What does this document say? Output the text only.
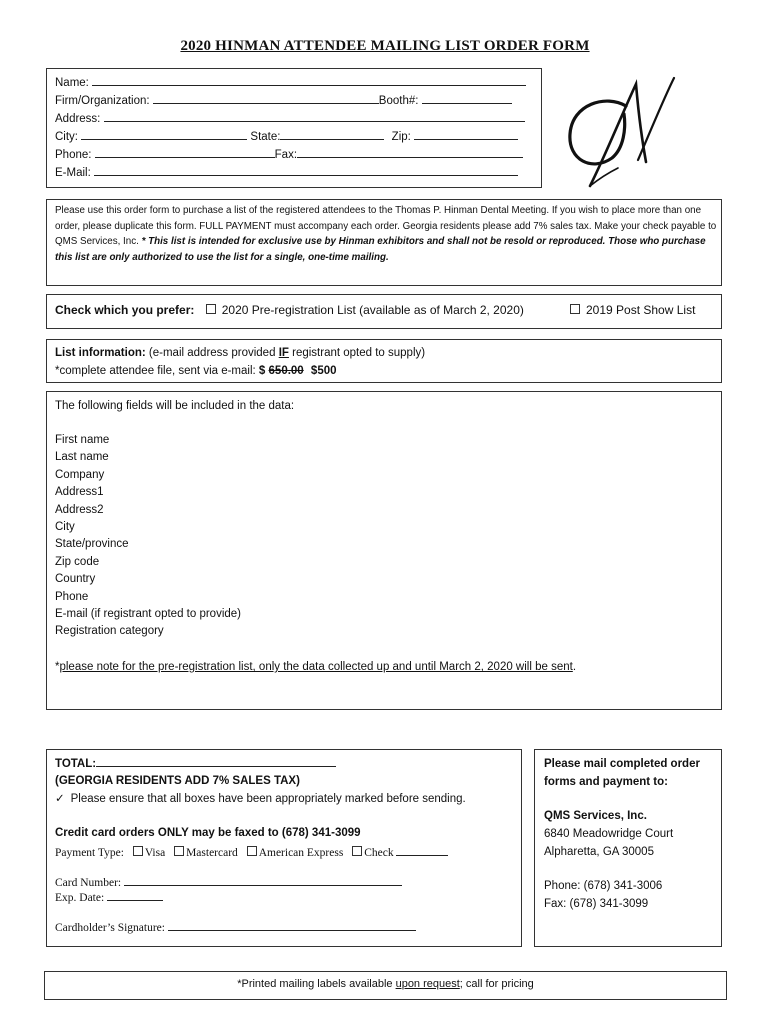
2020 HINMAN ATTENDEE MAILING LIST ORDER FORM
Name:
Firm/Organization:	Booth#:
Address:
City:	State:	Zip:
Phone:	Fax:
E-Mail:
Please use this order form to purchase a list of the registered attendees to the Thomas P. Hinman Dental Meeting. If you wish to place more than one order, please duplicate this form. FULL PAYMENT must accompany each order. Georgia residents please add 7% sales tax. Make your check payable to QMS Services, Inc. * This list is intended for exclusive use by Hinman exhibitors and shall not be resold or reproduced. Those who purchase this list are only authorized to use the list for a single, one-time mailing.
Check which you prefer: 2020 Pre-registration List (available as of March 2, 2020)	2019 Post Show List
List information: (e-mail address provided IF registrant opted to supply)
*complete attendee file, sent via e-mail: $ 650.00 $500
The following fields will be included in the data:
First name
Last name
Company
Address1
Address2
City
State/province
Zip code
Country
Phone
E-mail (if registrant opted to provide)
Registration category
*please note for the pre-registration list, only the data collected up and until March 2, 2020 will be sent.
TOTAL:
(GEORGIA RESIDENTS ADD 7% SALES TAX)
✓ Please ensure that all boxes have been appropriately marked before sending.
Credit card orders ONLY may be faxed to (678) 341-3099
Payment Type: Visa Mastercard American Express Check
Card Number:
Exp. Date:
Cardholder’s Signature:
Please mail completed order
forms and payment to:
QMS Services, Inc.
6840 Meadowridge Court
Alpharetta, GA 30005
Phone: (678) 341-3006
Fax: (678) 341-3099
*Printed mailing labels available upon request; call for pricing
